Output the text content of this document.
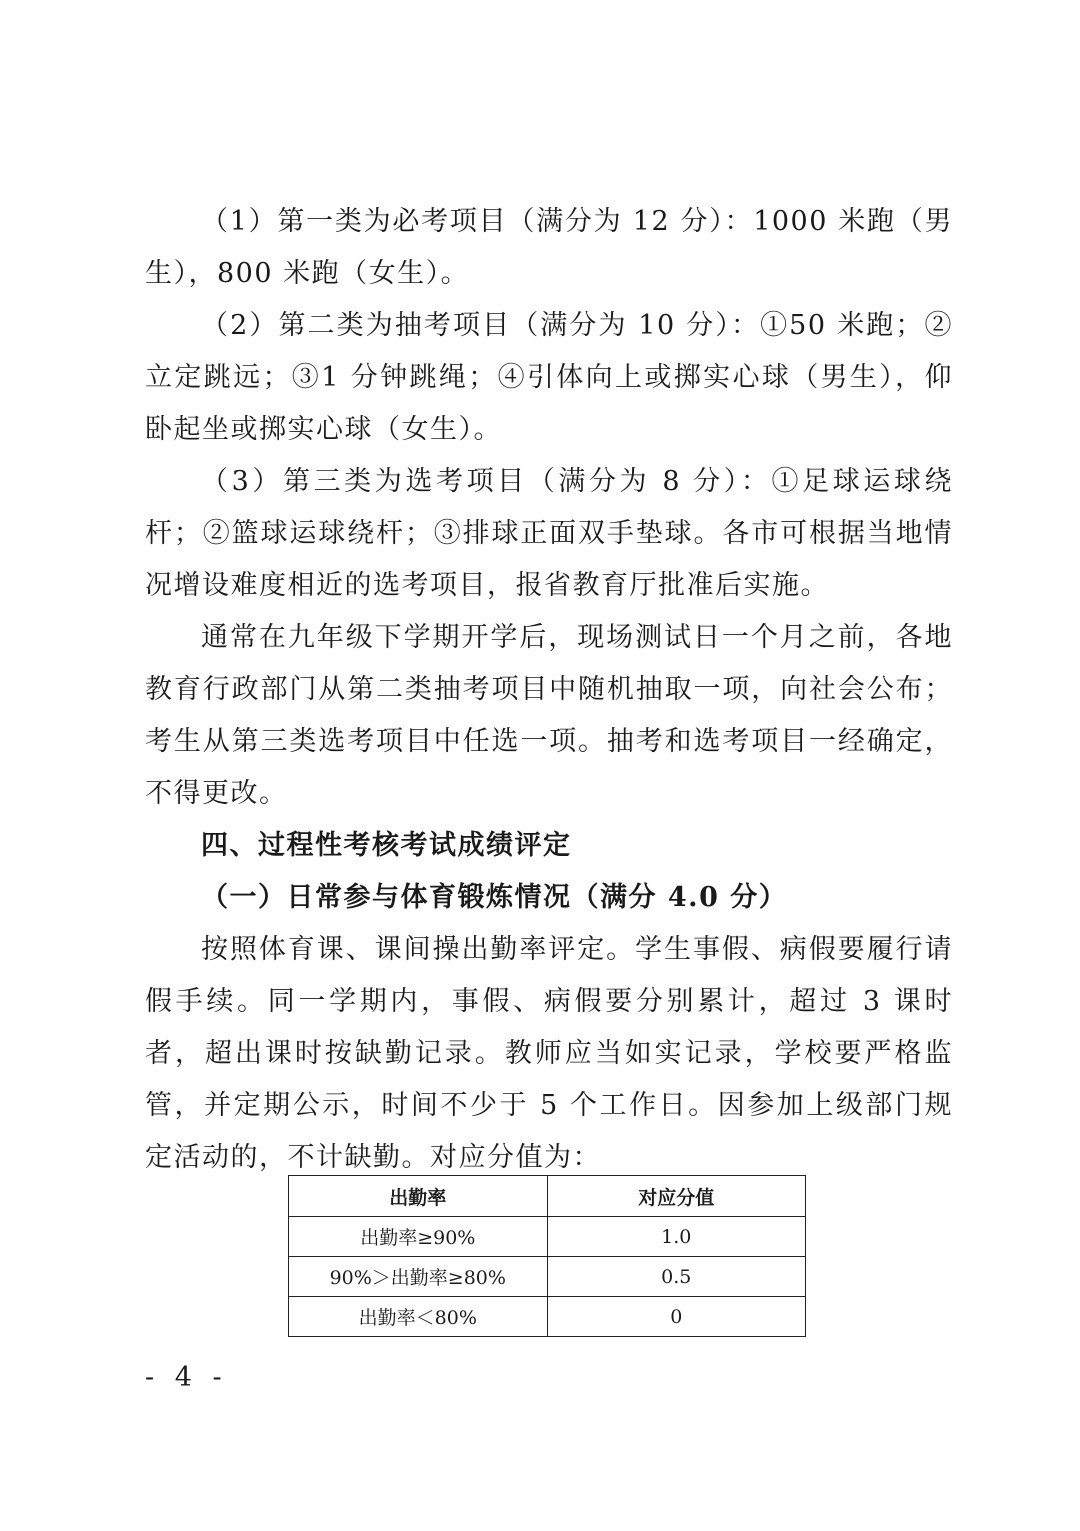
（1）第一类为必考项目（满分为 12 分）：1000 米跑（男生），800 米跑（女生）。

（2）第二类为抽考项目（满分为 10 分）：①50 米跑；②立定跳远；③1 分钟跳绳；④引体向上或掷实心球（男生），仰卧起坐或掷实心球（女生）。

（3）第三类为选考项目（满分为 8 分）：①足球运球绕杆；②篮球运球绕杆；③排球正面双手垫球。各市可根据当地情况增设难度相近的选考项目，报省教育厅批准后实施。

通常在九年级下学期开学后，现场测试日一个月之前，各地教育行政部门从第二类抽考项目中随机抽取一项，向社会公布；考生从第三类选考项目中任选一项。抽考和选考项目一经确定，不得更改。

四、过程性考核考试成绩评定

（一）日常参与体育锻炼情况（满分 4.0 分）

按照体育课、课间操出勤率评定。学生事假、病假要履行请假手续。同一学期内，事假、病假要分别累计，超过 3 课时者，超出课时按缺勤记录。教师应当如实记录，学校要严格监管，并定期公示，时间不少于 5 个工作日。因参加上级部门规定活动的，不计缺勤。对应分值为：

出勤率	对应分值
出勤率≥90%	1.0
90%＞出勤率≥80%	0.5
出勤率＜80%	0
- 4 -
